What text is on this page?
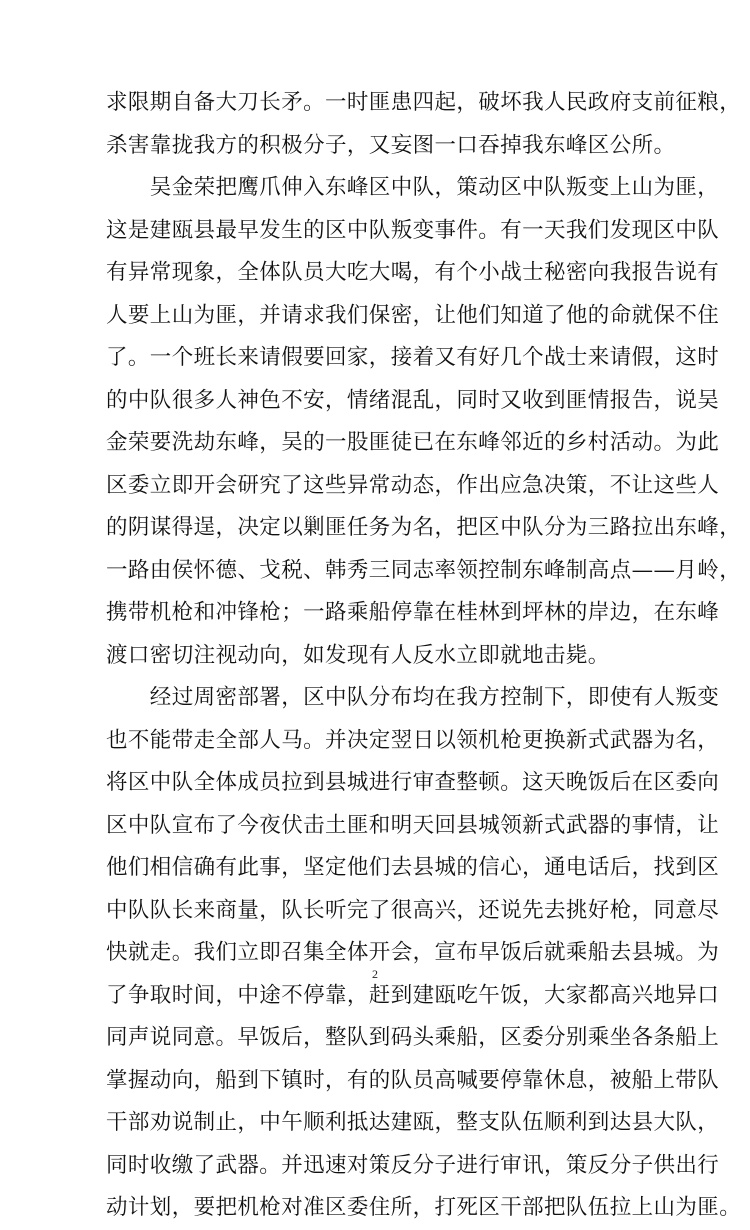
求限期自备大刀长矛。一时匪患四起，破坏我人民政府支前征粮，
杀害靠拢我方的积极分子，又妄图一口吞掉我东峰区公所。
　　吴金荣把鹰爪伸入东峰区中队，策动区中队叛变上山为匪，
这是建瓯县最早发生的区中队叛变事件。有一天我们发现区中队
有异常现象，全体队员大吃大喝，有个小战士秘密向我报告说有
人要上山为匪，并请求我们保密，让他们知道了他的命就保不住
了。一个班长来请假要回家，接着又有好几个战士来请假，这时
的中队很多人神色不安，情绪混乱，同时又收到匪情报告，说吴
金荣要洗劫东峰，吴的一股匪徒已在东峰邻近的乡村活动。为此
区委立即开会研究了这些异常动态，作出应急决策，不让这些人
的阴谋得逞，决定以剿匪任务为名，把区中队分为三路拉出东峰，
一路由侯怀德、戈税、韩秀三同志率领控制东峰制高点——月岭，
携带机枪和冲锋枪；一路乘船停靠在桂林到坪林的岸边，在东峰
渡口密切注视动向，如发现有人反水立即就地击毙。
　　经过周密部署，区中队分布均在我方控制下，即使有人叛变
也不能带走全部人马。并决定翌日以领机枪更换新式武器为名，
将区中队全体成员拉到县城进行审查整顿。这天晚饭后在区委向
区中队宣布了今夜伏击土匪和明天回县城领新式武器的事情，让
他们相信确有此事，坚定他们去县城的信心，通电话后，找到区
中队队长来商量，队长听完了很高兴，还说先去挑好枪，同意尽
快就走。我们立即召集全体开会，宣布早饭后就乘船去县城。为
了争取时间，中途不停靠，赶到建瓯吃午饭，大家都高兴地异口
同声说同意。早饭后，整队到码头乘船，区委分别乘坐各条船上
掌握动向，船到下镇时，有的队员高喊要停靠休息，被船上带队
干部劝说制止，中午顺利抵达建瓯，整支队伍顺利到达县大队，
同时收缴了武器。并迅速对策反分子进行审讯，策反分子供出行
动计划，要把机枪对准区委住所，打死区干部把队伍拉上山为匪。
2
